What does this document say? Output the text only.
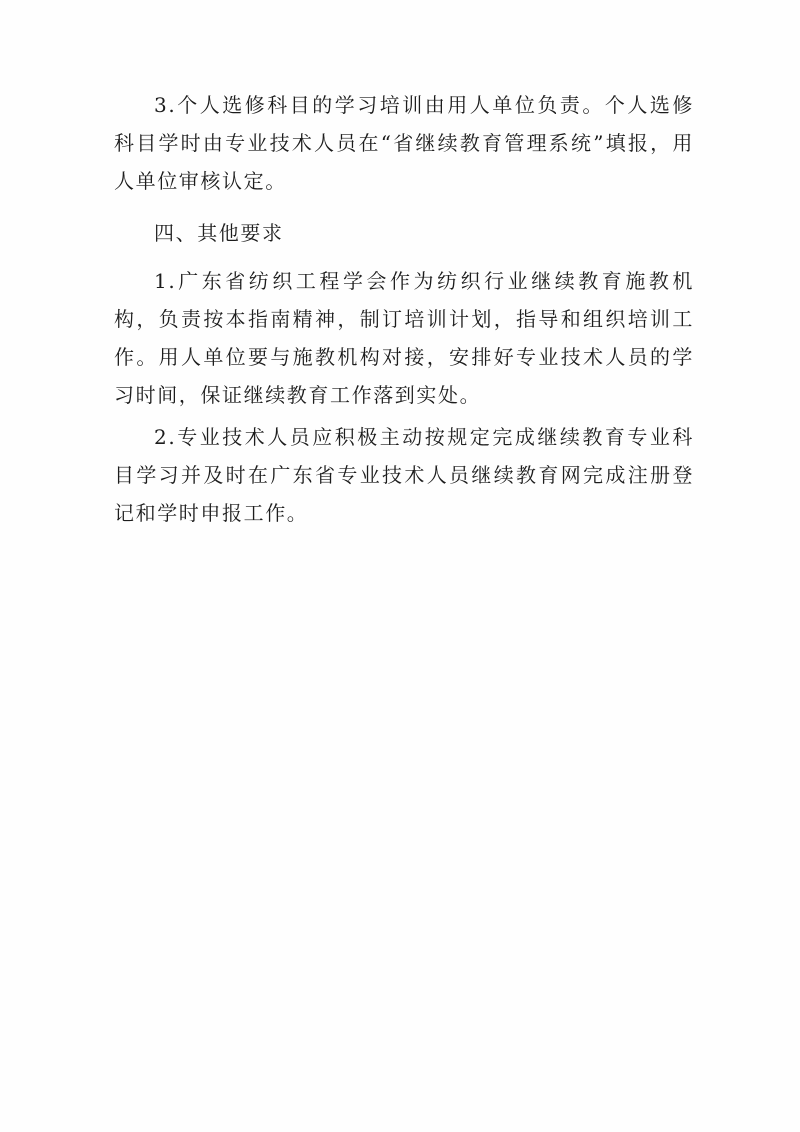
3.个人选修科目的学习培训由用人单位负责。个人选修科目学时由专业技术人员在“省继续教育管理系统”填报，用人单位审核认定。

四、其他要求

1.广东省纺织工程学会作为纺织行业继续教育施教机构，负责按本指南精神，制订培训计划，指导和组织培训工作。用人单位要与施教机构对接，安排好专业技术人员的学习时间，保证继续教育工作落到实处。

2.专业技术人员应积极主动按规定完成继续教育专业科目学习并及时在广东省专业技术人员继续教育网完成注册登记和学时申报工作。
